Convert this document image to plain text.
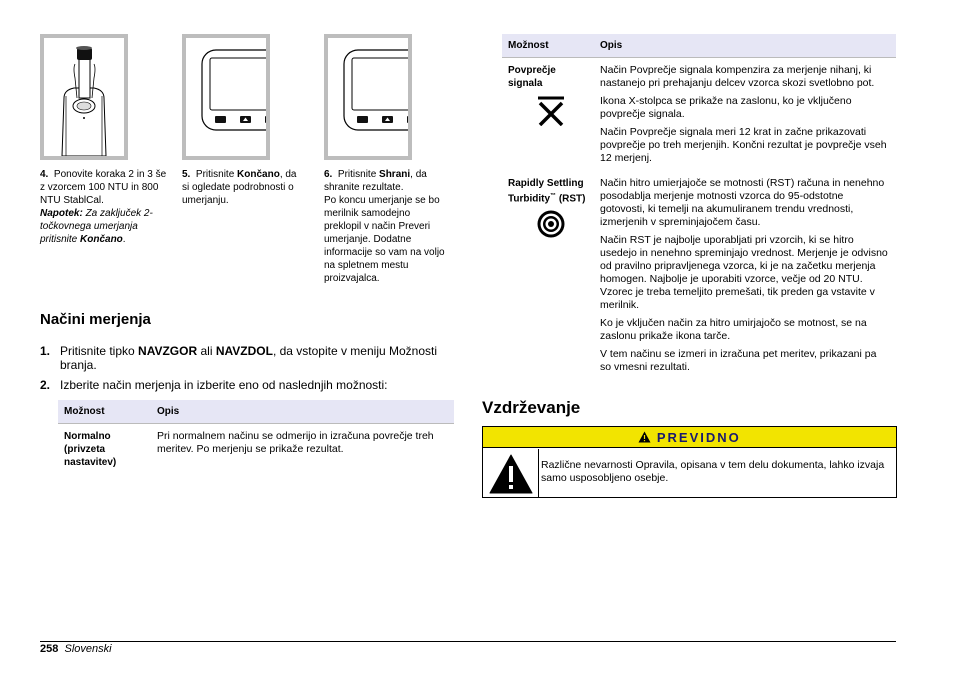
4. Ponovite koraka 2 in 3 še z vzorcem 100 NTU in 800 NTU StablCal.
Napotek: Za zaključek 2-točkovnega umerjanja pritisnite Končano.
5. Pritisnite Končano, da si ogledate podrobnosti o umerjanju.
6. Pritisnite Shrani, da shranite rezultate.
Po koncu umerjanje se bo merilnik samodejno preklopil v način Preveri umerjanje. Dodatne informacije so vam na voljo na spletnem mestu proizvajalca.
Načini merjenja
1. Pritisnite tipko NAVZGOR ali NAVZDOL, da vstopite v meniju Možnosti branja.
2. Izberite način merjenja in izberite eno od naslednjih možnosti:
Možnost	Opis
Normalno (privzeta nastavitev)	Pri normalnem načinu se odmerijo in izračuna povrečje treh meritev. Po merjenju se prikaže rezultat.
Možnost	Opis

Povprečje signala	Način Povprečje signala kompenzira za merjenje nihanj, ki nastanejo pri prehajanju delcev vzorca skozi svetlobno pot.

Ikona X-stolpca se prikaže na zaslonu, ko je vključeno povprečje signala.

Način Povprečje signala meri 12 krat in začne prikazovati povprečje po treh merjenjih. Končni rezultat je povprečje vseh 12 merjenj.

Rapidly Settling Turbidity™ (RST)	Način hitro umierjajoče se motnosti (RST) računa in nenehno posodablja merjenje motnosti vzorca do 95-odstotne gotovosti, ki temelji na akumuliranem trendu vrednosti, izmerjenih v spreminjajočem času.

Način RST je najbolje uporabljati pri vzorcih, ki se hitro usedejo in nenehno spreminjajo vrednost. Merjenje je odvisno od pravilno pripravljenega vzorca, ki je na začetku merjenja homogen. Najbolje je uporabiti vzorce, večje od 20 NTU. Vzorec je treba temeljito premešati, tik preden ga vstavite v merilnik.

Ko je vključen način za hitro umirjajočo se motnost, se na zaslonu prikaže ikona tarče.

V tem načinu se izmeri in izračuna pet meritev, prikazani pa so vmesni rezultati.

Vzdrževanje
PREVIDNO
Različne nevarnosti Opravila, opisana v tem delu dokumenta, lahko izvaja samo usposobljeno osebje.
258 Slovenski
